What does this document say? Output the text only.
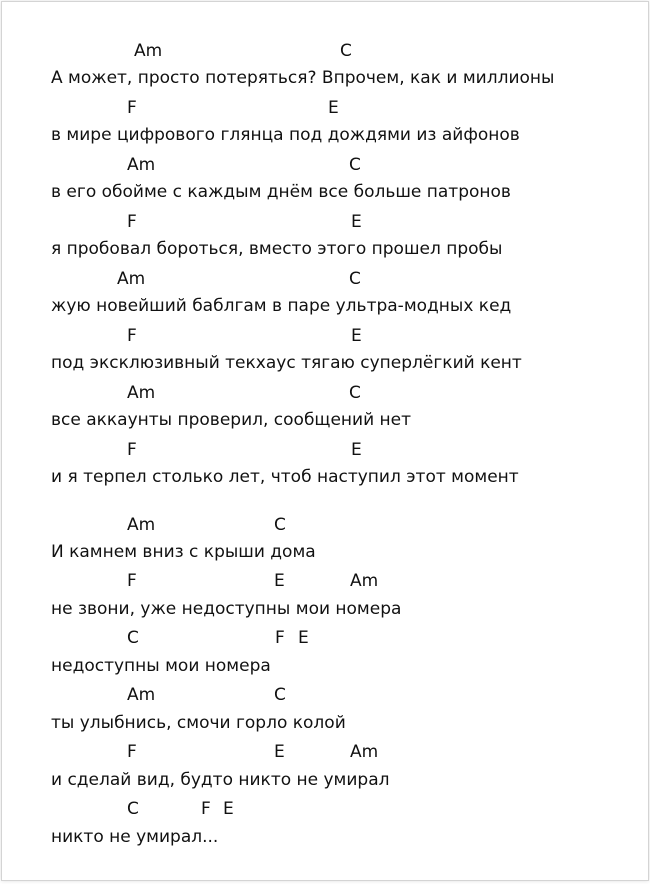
Am	C
А может, просто потеряться? Впрочем, как и миллионы
F	E
в мире цифрового глянца под дождями из айфонов
Am	C
в его обойме с каждым днём все больше патронов
F	E
я пробовал бороться, вместо этого прошел пробы
Am	C
жую новейший баблгам в паре ультра-модных кед
F	E
под эксклюзивный текхаус тягаю суперлёгкий кент
Am	C
все аккаунты проверил, сообщений нет
F	E
и я терпел столько лет, чтоб наступил этот момент
Am	C
И камнем вниз с крыши дома
F	E	Am
не звони, уже недоступны мои номера
C	F E
недоступны мои номера
Am	C
ты улыбнись, смочи горло колой
F	E	Am
и сделай вид, будто никто не умирал
C	F E
никто не умирал...
